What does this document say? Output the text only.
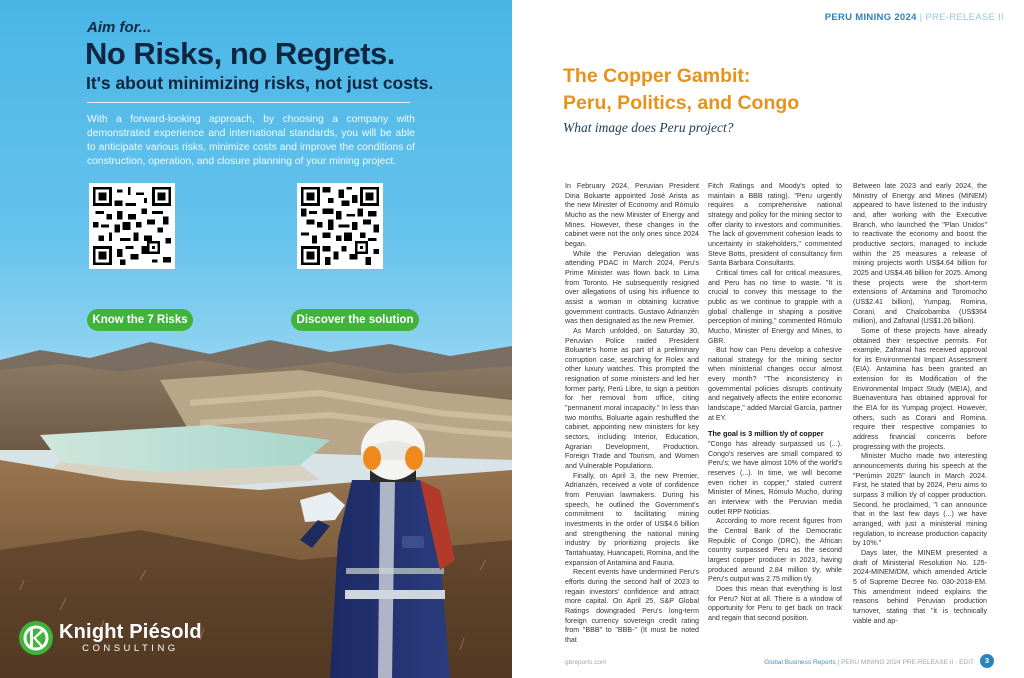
Aim for...
No Risks, no Regrets.
It's about minimizing risks, not just costs.
With a forward-looking approach, by choosing a company with demonstrated experience and international standards, you will be able to anticipate various risks, minimize costs and improve the conditions of construction, operation, and closure planning of your mining project.
Know the 7 Risks	Discover the solution
Knight Piésold
CONSULTING
PERU MINING 2024 | PRE-RELEASE II
The Copper Gambit:
Peru, Politics, and Congo
What image does Peru project?

In February 2024, Peruvian President Dina Boluarte appointed José Arista as the new Minister of Economy and Rómulo Mucho as the new Minister of Energy and Mines. However, these changes in the cabinet were not the only ones since 2024 began.

While the Peruvian delegation was attending PDAC in March 2024, Peru's Prime Minister was flown back to Lima from Toronto. He subsequently resigned over allegations of using his influence to assist a woman in obtaining lucrative government contracts. Gustavo Adrianzén was then designated as the new Premier.

As March unfolded, on Saturday 30, Peruvian Police raided President Boluarte's home as part of a preliminary corruption case, searching for Rolex and other luxury watches. This prompted the resignation of some ministers and led her former party, Perú Libre, to sign a petition for her removal from office, citing "permanent moral incapacity." In less than two months, Boluarte again reshuffled the cabinet, appointing new ministers for key sectors, including Interior, Education, Agrarian Development, Production, Foreign Trade and Tourism, and Women and Vulnerable Populations.

Finally, on April 3, the new Premier, Adrianzén, received a vote of confidence from Peruvian lawmakers. During his speech, he outlined the Government's commitment to facilitating mining investments in the order of US$4.6 billion and strengthening the national mining industry by prioritizing projects like Tantahuatay, Huancapeti, Romina, and the expansion of Antamina and Fauna.

Recent events have undermined Peru's efforts during the second half of 2023 to regain investors' confidence and attract more capital. On April 25, S&P Global Ratings downgraded Peru's long-term foreign currency sovereign credit rating from "BBB" to "BBB-" (It must be noted that

Fitch Ratings and Moody's opted to maintain a BBB rating). "Peru urgently requires a comprehensive national strategy and policy for the mining sector to offer clarity to investors and communities. The lack of government cohesion leads to uncertainty in stakeholders," commented Steve Botts, president of consultancy firm Santa Barbara Consultants.

Critical times call for critical measures, and Peru has no time to waste. "It is crucial to convey this message to the public as we continue to grapple with a global challenge in shaping a positive perception of mining," commented Rómulo Mucho, Minister of Energy and Mines, to GBR.

But how can Peru develop a cohesive national strategy for the mining sector when ministerial changes occur almost every month? "The inconsistency in governmental policies disrupts continuity and negatively affects the entire economic landscape," added Marcial García, partner at EY.

The goal is 3 million t/y of copper

"Congo has already surpassed us (...). Congo's reserves are small compared to Peru's; we have almost 10% of the world's reserves (...). In time, we will become even richer in copper," stated current Minister of Mines, Rómulo Mucho, during an interview with the Peruvian media outlet RPP Noticias.

According to more recent figures from the Central Bank of the Democratic Republic of Congo (DRC), the African country surpassed Peru as the second largest copper producer in 2023, having produced around 2.84 million t/y, while Peru's output was 2.75 million t/y.

Does this mean that everything is lost for Peru? Not at all. There is a window of opportunity for Peru to get back on track and regain that second position.

Between late 2023 and early 2024, the Ministry of Energy and Mines (MINEM) appeared to have listened to the industry and, after working with the Executive Branch, who launched the "Plan Unidos" to reactivate the economy and boost the productive sectors, managed to include within the 25 measures a release of mining projects worth US$4.64 billion for 2025 and US$4.46 billion for 2025. Among these projects were the short-term extensions of Antamina and Toromocho (US$2.41 billion), Yumpag, Romina, Corani, and Chalcobamba (US$364 million), and Zafranal (US$1.26 billion).

Some of these projects have already obtained their respective permits. For example, Zafranal has received approval for its Environmental Impact Assessment (EIA). Antamina has been granted an extension for its Modification of the Environmental Impact Study (MEIA), and Buenaventura has obtained approval for the EIA for its Yumpag project. However, others, such as Corani and Romina, require their respective companies to address financial concerns before progressing with the projects.

Minister Mucho made two interesting announcements during his speech at the "Perúmin 2025" launch in March 2024. First, he stated that by 2024, Peru aims to surpass 3 million t/y of copper production. Second, he proclaimed, "I can announce that in the last few days (...) we have arranged, with just a ministerial mining regulation, to increase production capacity by 10%."

Days later, the MINEM presented a draft of Ministerial Resolution No. 125-2024-MINEM/DM, which amended Article 5 of Supreme Decree No. 030-2018-EM. This amendment indeed explains the reasons behind Peruvian production turnover, stating that "it is technically viable and ap-

gbreports.com	Global Business Reports | PERU MINING 2024 PRE-RELEASE II - EDIT	3
